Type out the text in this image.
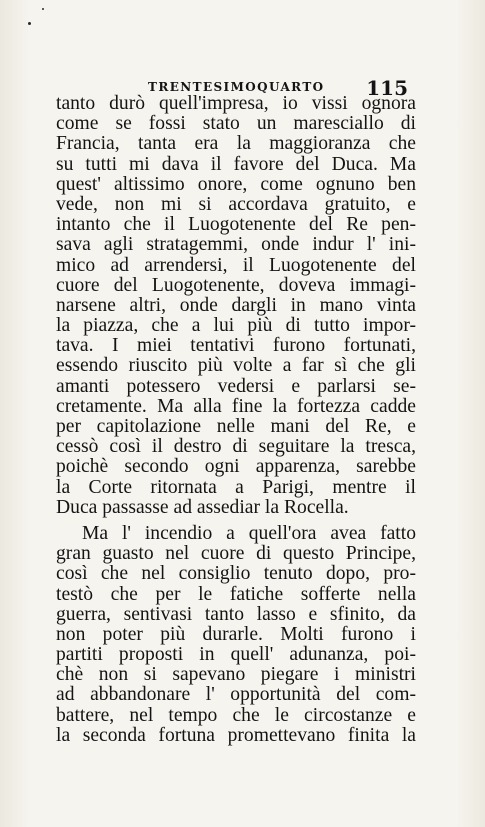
TRENTESIMOQUARTO 115
tanto durò quell'impresa, io vissi ognora
come se fossi stato un maresciallo di
Francia, tanta era la maggioranza che
su tutti mi dava il favore del Duca. Ma
quest' altissimo onore, come ognuno ben
vede, non mi si accordava gratuito, e
intanto che il Luogotenente del Re pen-
sava agli stratagemmi, onde indur l' ini-
mico ad arrendersi, il Luogotenente del
cuore del Luogotenente, doveva immagi-
narsene altri, onde dargli in mano vinta
la piazza, che a lui più di tutto impor-
tava. I miei tentativi furono fortunati,
essendo riuscito più volte a far sì che gli
amanti potessero vedersi e parlarsi se-
cretamente. Ma alla fine la fortezza cadde
per capitolazione nelle mani del Re, e
cessò così il destro di seguitare la tresca,
poichè secondo ogni apparenza, sarebbe
la Corte ritornata a Parigi, mentre il
Duca passasse ad assediar la Rocella.
Ma l' incendio a quell'ora avea fatto
gran guasto nel cuore di questo Principe,
così che nel consiglio tenuto dopo, pro-
testò che per le fatiche sofferte nella
guerra, sentivasi tanto lasso e sfinito, da
non poter più durarle. Molti furono i
partiti proposti in quell' adunanza, poi-
chè non si sapevano piegare i ministri
ad abbandonare l' opportunità del com-
battere, nel tempo che le circostanze e
la seconda fortuna promettevano finita la
